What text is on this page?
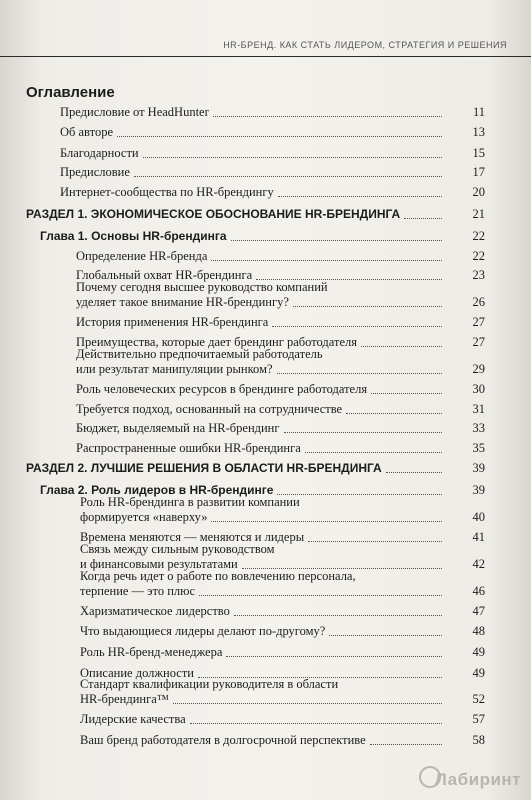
HR-БРЕНД. КАК СТАТЬ ЛИДЕРОМ, СТРАТЕГИЯ И РЕШЕНИЯ
Оглавление
Предисловие от HeadHunter	11
Об авторе	13
Благодарности	15
Предисловие	17
Интернет-сообщества по HR-брендингу	20
РАЗДЕЛ 1. ЭКОНОМИЧЕСКОЕ ОБОСНОВАНИЕ HR-БРЕНДИНГА	21
Глава 1. Основы HR-брендинга	22
Определение HR-бренда	22
Глобальный охват HR-брендинга	23
Почему сегодня высшее руководство компаний
уделяет такое внимание HR-брендингу?	26
История применения HR-брендинга	27
Преимущества, которые дает брендинг работодателя	27
Действительно предпочитаемый работодатель
или результат манипуляции рынком?	29
Роль человеческих ресурсов в брендинге работодателя	30
Требуется подход, основанный на сотрудничестве	31
Бюджет, выделяемый на HR-брендинг	33
Распространенные ошибки HR-брендинга	35
РАЗДЕЛ 2. ЛУЧШИЕ РЕШЕНИЯ В ОБЛАСТИ HR-БРЕНДИНГА	39
Глава 2. Роль лидеров в HR-брендинге	39
Роль HR-брендинга в развитии компании
формируется «наверху»	40
Времена меняются — меняются и лидеры	41
Связь между сильным руководством
и финансовыми результатами	42
Когда речь идет о работе по вовлечению персонала,
терпение — это плюс	46
Харизматическое лидерство	47
Что выдающиеся лидеры делают по-другому?	48
Роль HR-бренд-менеджера	49
Описание должности	49
Стандарт квалификации руководителя в области
HR-брендинга™	52
Лидерские качества	57
Ваш бренд работодателя в долгосрочной перспективе	58
Лабиринт
